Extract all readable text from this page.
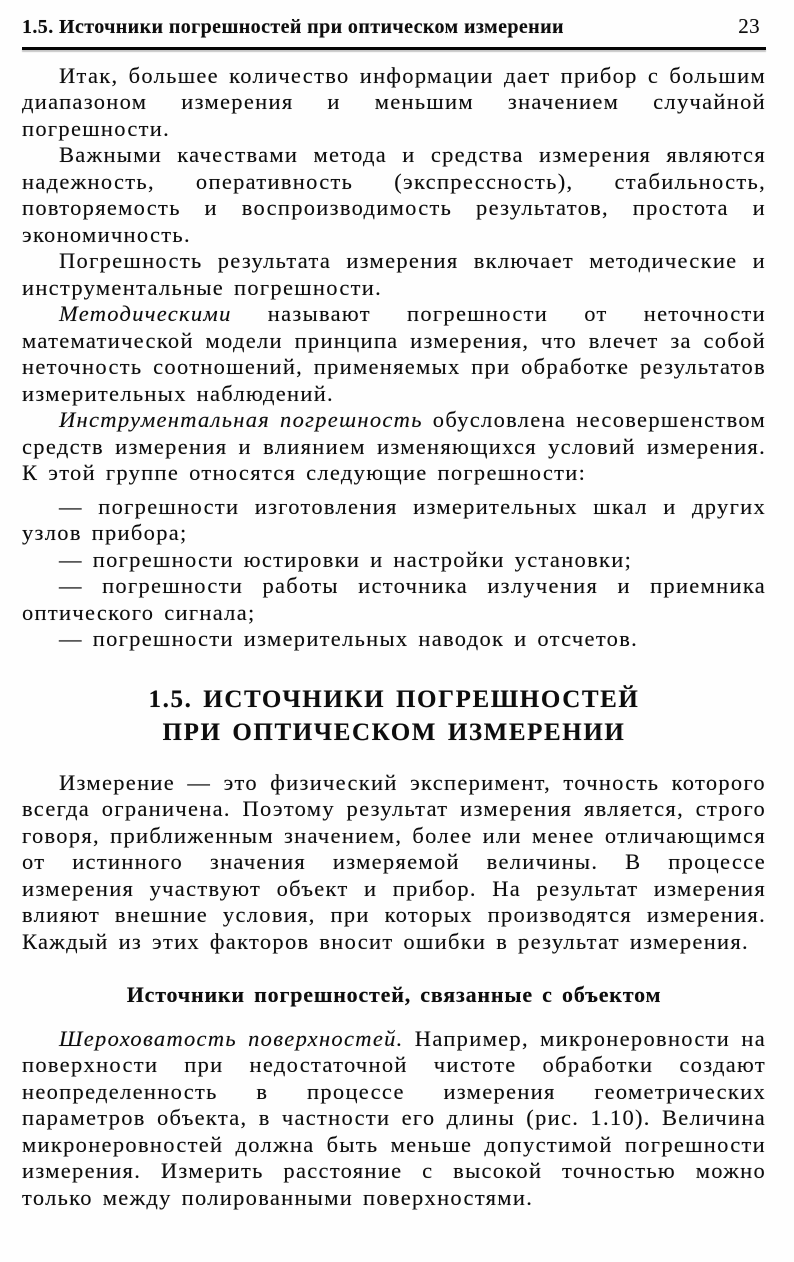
1.5. Источники погрешностей при оптическом измерении	23

Итак, большее количество информации дает прибор с большим диапазоном измерения и меньшим значением случайной погрешности.

Важными качествами метода и средства измерения являются надежность, оперативность (экспрессность), стабильность, повторяемость и воспроизводимость результатов, простота и экономичность.

Погрешность результата измерения включает методические и инструментальные погрешности.

Методическими называют погрешности от неточности математической модели принципа измерения, что влечет за собой неточность соотношений, применяемых при обработке результатов измерительных наблюдений.

Инструментальная погрешность обусловлена несовершенством средств измерения и влиянием изменяющихся условий измерения. К этой группе относятся следующие погрешности:

— погрешности изготовления измерительных шкал и других узлов прибора;

— погрешности юстировки и настройки установки;

— погрешности работы источника излучения и приемника оптического сигнала;

— погрешности измерительных наводок и отсчетов.

1.5. ИСТОЧНИКИ ПОГРЕШНОСТЕЙ
ПРИ ОПТИЧЕСКОМ ИЗМЕРЕНИИ

Измерение — это физический эксперимент, точность которого всегда ограничена. Поэтому результат измерения является, строго говоря, приближенным значением, более или менее отличающимся от истинного значения измеряемой величины. В процессе измерения участвуют объект и прибор. На результат измерения влияют внешние условия, при которых производятся измерения. Каждый из этих факторов вносит ошибки в результат измерения.

Источники погрешностей, связанные с объектом

Шероховатость поверхностей. Например, микронеровности на поверхности при недостаточной чистоте обработки создают неопределенность в процессе измерения геометрических параметров объекта, в частности его длины (рис. 1.10). Величина микронеровностей должна быть меньше допустимой погрешности измерения. Измерить расстояние с высокой точностью можно только между полированными поверхностями.
